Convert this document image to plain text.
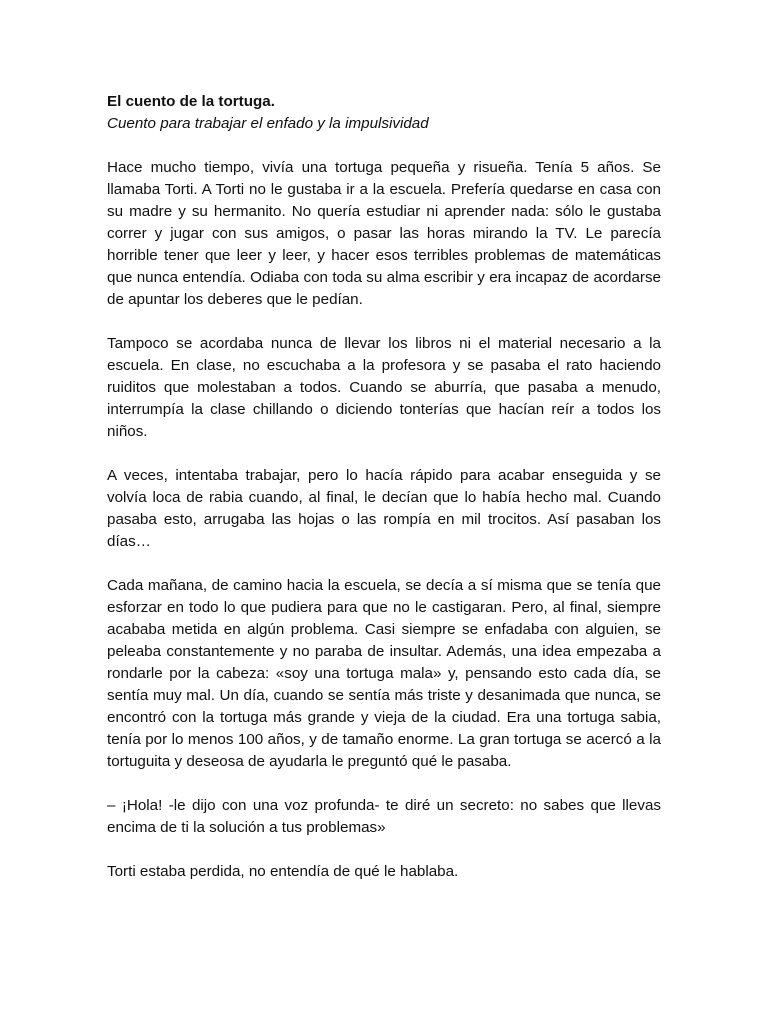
El cuento de la tortuga.

Cuento para trabajar el enfado y la impulsividad

Hace mucho tiempo, vivía una tortuga pequeña y risueña. Tenía 5 años. Se llamaba Torti. A Torti no le gustaba ir a la escuela. Prefería quedarse en casa con su madre y su hermanito. No quería estudiar ni aprender nada: sólo le gustaba correr y jugar con sus amigos, o pasar las horas mirando la TV. Le parecía horrible tener que leer y leer, y hacer esos terribles problemas de matemáticas que nunca entendía. Odiaba con toda su alma escribir y era incapaz de acordarse de apuntar los deberes que le pedían.

Tampoco se acordaba nunca de llevar los libros ni el material necesario a la escuela. En clase, no escuchaba a la profesora y se pasaba el rato haciendo ruiditos que molestaban a todos. Cuando se aburría, que pasaba a menudo, interrumpía la clase chillando o diciendo tonterías que hacían reír a todos los niños.

A veces, intentaba trabajar, pero lo hacía rápido para acabar enseguida y se volvía loca de rabia cuando, al final, le decían que lo había hecho mal. Cuando pasaba esto, arrugaba las hojas o las rompía en mil trocitos. Así pasaban los días…

Cada mañana, de camino hacia la escuela, se decía a sí misma que se tenía que esforzar en todo lo que pudiera para que no le castigaran. Pero, al final, siempre acababa metida en algún problema. Casi siempre se enfadaba con alguien, se peleaba constantemente y no paraba de insultar. Además, una idea empezaba a rondarle por la cabeza: «soy una tortuga mala» y, pensando esto cada día, se sentía muy mal. Un día, cuando se sentía más triste y desanimada que nunca, se encontró con la tortuga más grande y vieja de la ciudad. Era una tortuga sabia, tenía por lo menos 100 años, y de tamaño enorme. La gran tortuga se acercó a la tortuguita y deseosa de ayudarla le preguntó qué le pasaba.

– ¡Hola! -le dijo con una voz profunda- te diré un secreto: no sabes que llevas encima de ti la solución a tus problemas»

Torti estaba perdida, no entendía de qué le hablaba.
